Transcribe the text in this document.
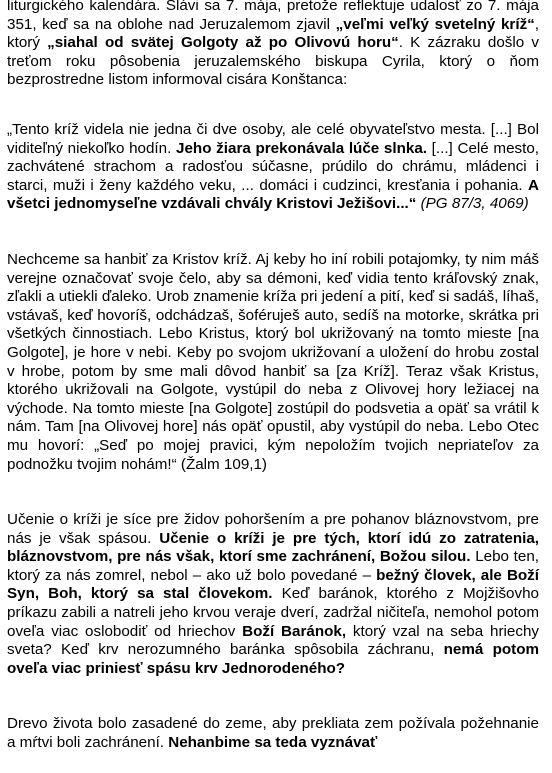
liturgického kalendára. Slávi sa 7. mája, pretože reflektuje udalosť zo 7. mája 351, keď sa na oblohe nad Jeruzalemom zjavil „veľmi veľký svetelný kríž“, ktorý „siahal od svätej Golgoty až po Olivovú horu“. K zázraku došlo v treťom roku pôsobenia jeruzalemského biskupa Cyrila, ktorý o ňom bezprostredne listom informoval cisára Konštanca:

„Tento kríž videla nie jedna či dve osoby, ale celé obyvateľstvo mesta. [...] Bol viditeľný niekoľko hodín. Jeho žiara prekonávala lúče slnka. [...] Celé mesto, zachvátené strachom a radosťou súčasne, prúdilo do chrámu, mládenci i starci, muži i ženy každého veku, ... domáci i cudzinci, kresťania i pohania. A všetci jednomyseľne vzdávali chvály Kristovi Ježišovi...“ (PG 87/3, 4069)

Nechceme sa hanbiť za Kristov kríž. Aj keby ho iní robili potajomky, ty nim máš verejne označovať svoje čelo, aby sa démoni, keď vidia tento kráľovský znak, zľakli a utiekli ďaleko. Urob znamenie kríža pri jedení a pití, keď si sadáš, líhaš, vstávaš, keď hovoríš, odchádzaš, šoféruješ auto, sedíš na motorke, skrátka pri všetkých činnostiach. Lebo Kristus, ktorý bol ukrižovaný na tomto mieste [na Golgote], je hore v nebi. Keby po svojom ukrižovaní a uložení do hrobu zostal v hrobe, potom by sme mali dôvod hanbiť sa [za Kríž]. Teraz však Kristus, ktorého ukrižovali na Golgote, vystúpil do neba z Olivovej hory ležiacej na východe. Na tomto mieste [na Golgote] zostúpil do podsvetia a opäť sa vrátil k nám. Tam [na Olivovej hore] nás opäť opustil, aby vystúpil do neba. Lebo Otec mu hovorí: „Seď po mojej pravici, kým nepoložím tvojich nepriateľov za podnožku tvojim nohám!“ (Žalm 109,1)

Učenie o kríži je síce pre židov pohoršením a pre pohanov bláznovstvom, pre nás je však spásou. Učenie o kríži je pre tých, ktorí idú zo zatratenia, bláznovstvom, pre nás však, ktorí sme zachránení, Božou silou. Lebo ten, ktorý za nás zomrel, nebol – ako už bolo povedané – bežný človek, ale Boží Syn, Boh, ktorý sa stal človekom. Keď baránok, ktorého z Mojžišovho príkazu zabili a natreli jeho krvou veraje dverí, zadržal ničiteľa, nemohol potom oveľa viac oslobodiť od hriechov Boží Baránok, ktorý vzal na seba hriechy sveta? Keď krv nerozumného baránka spôsobila záchranu, nemá potom oveľa viac priniesť spásu krv Jednorodeného?

Drevo života bolo zasadené do zeme, aby prekliata zem požívala požehnanie a mŕtvi boli zachránení. Nehanbime sa teda vyznávať
